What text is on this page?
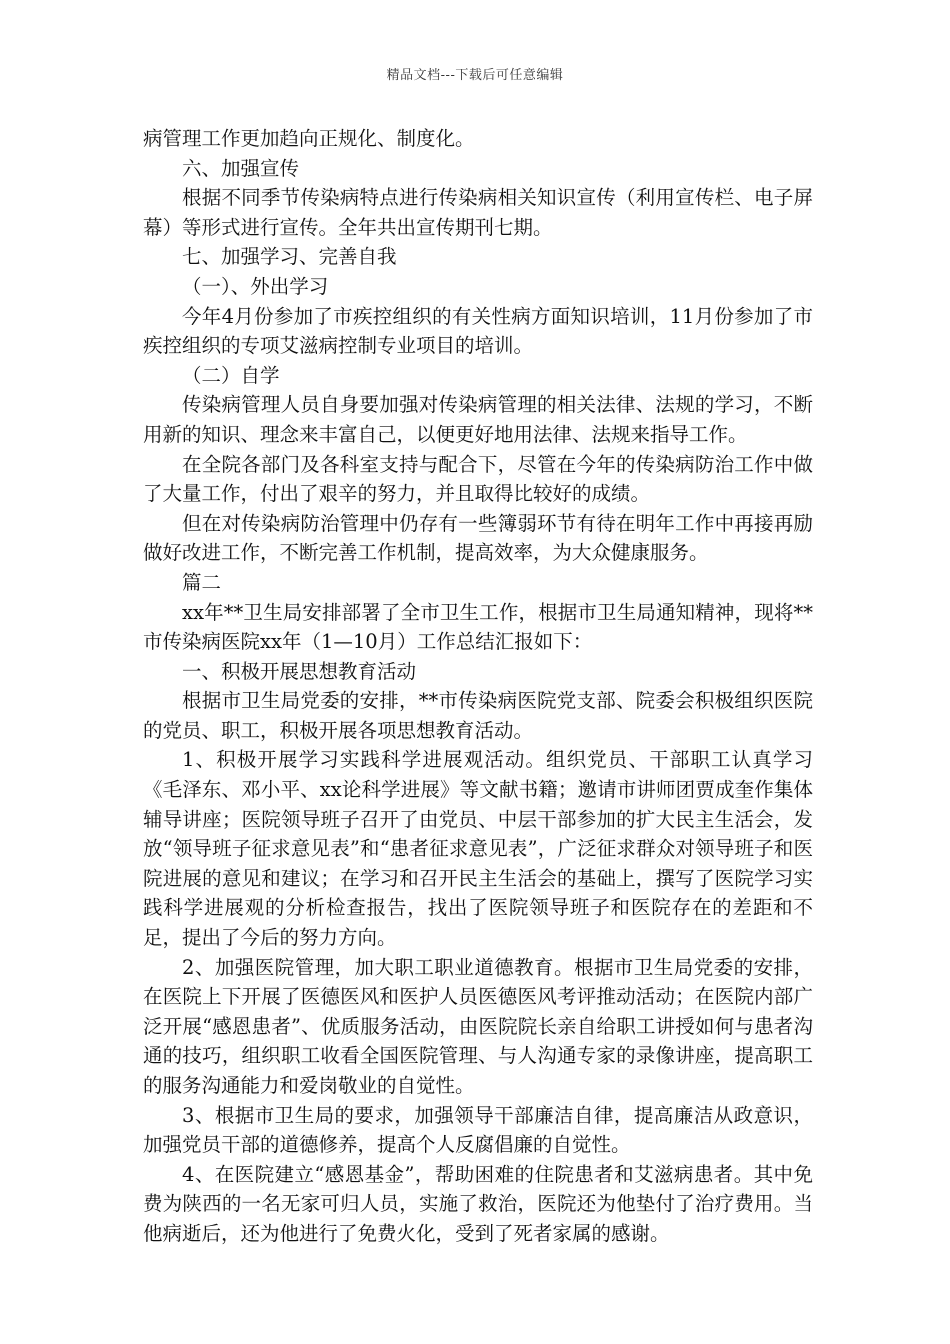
精品文档---下载后可任意编辑

病管理工作更加趋向正规化、制度化。

六、加强宣传

根据不同季节传染病特点进行传染病相关知识宣传（利用宣传栏、电子屏幕）等形式进行宣传。全年共出宣传期刊七期。

七、加强学习、完善自我

（一）、外出学习

今年4月份参加了市疾控组织的有关性病方面知识培训，11月份参加了市疾控组织的专项艾滋病控制专业项目的培训。

（二）自学

传染病管理人员自身要加强对传染病管理的相关法律、法规的学习，不断用新的知识、理念来丰富自己，以便更好地用法律、法规来指导工作。

在全院各部门及各科室支持与配合下，尽管在今年的传染病防治工作中做了大量工作，付出了艰辛的努力，并且取得比较好的成绩。

但在对传染病防治管理中仍存有一些簿弱环节有待在明年工作中再接再励做好改进工作，不断完善工作机制，提高效率，为大众健康服务。

篇二

xx年**卫生局安排部署了全市卫生工作，根据市卫生局通知精神，现将**市传染病医院xx年（1—10月）工作总结汇报如下：

一、积极开展思想教育活动

根据市卫生局党委的安排，**市传染病医院党支部、院委会积极组织医院的党员、职工，积极开展各项思想教育活动。

1、积极开展学习实践科学进展观活动。组织党员、干部职工认真学习《毛泽东、邓小平、xx论科学进展》等文献书籍；邀请市讲师团贾成奎作集体辅导讲座；医院领导班子召开了由党员、中层干部参加的扩大民主生活会，发放“领导班子征求意见表”和“患者征求意见表”，广泛征求群众对领导班子和医院进展的意见和建议；在学习和召开民主生活会的基础上，撰写了医院学习实践科学进展观的分析检查报告，找出了医院领导班子和医院存在的差距和不足，提出了今后的努力方向。

2、加强医院管理，加大职工职业道德教育。根据市卫生局党委的安排，在医院上下开展了医德医风和医护人员医德医风考评推动活动；在医院内部广泛开展“感恩患者”、优质服务活动，由医院院长亲自给职工讲授如何与患者沟通的技巧，组织职工收看全国医院管理、与人沟通专家的录像讲座，提高职工的服务沟通能力和爱岗敬业的自觉性。

3、根据市卫生局的要求，加强领导干部廉洁自律，提高廉洁从政意识，加强党员干部的道德修养，提高个人反腐倡廉的自觉性。

4、在医院建立“感恩基金”，帮助困难的住院患者和艾滋病患者。其中免费为陕西的一名无家可归人员，实施了救治，医院还为他垫付了治疗费用。当他病逝后，还为他进行了免费火化，受到了死者家属的感谢。
